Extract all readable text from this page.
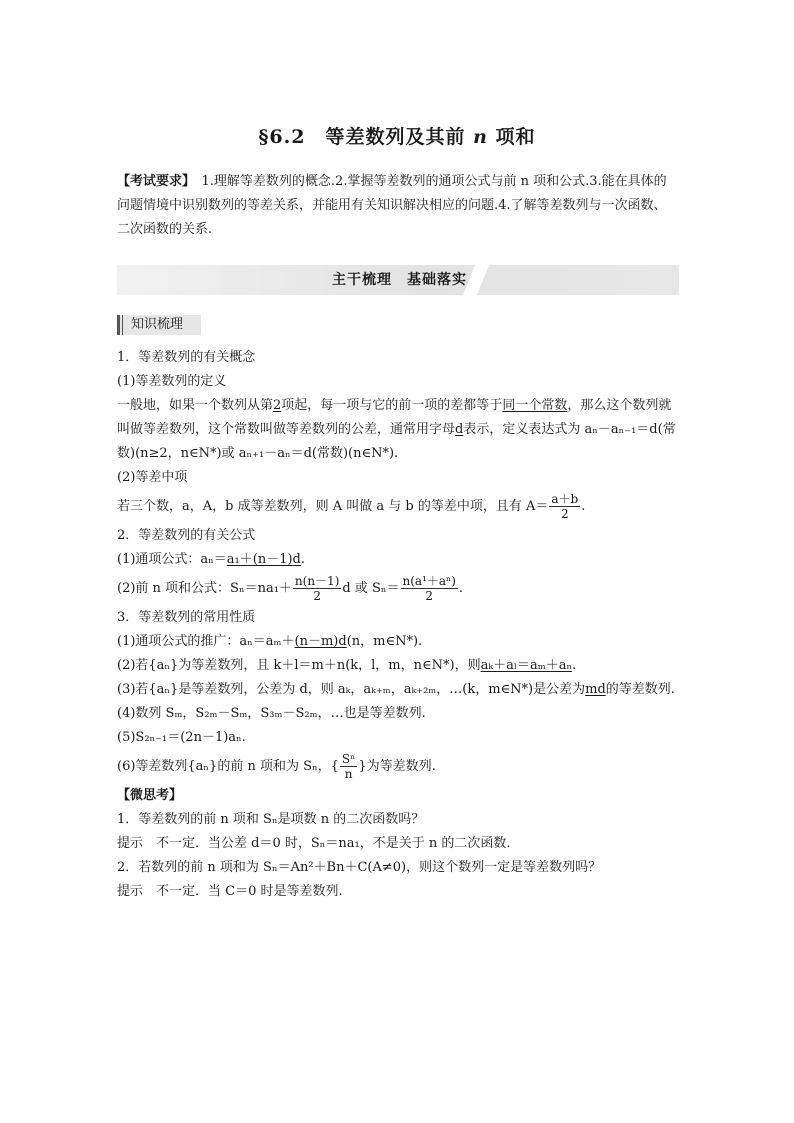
§6.2　等差数列及其前 n 项和
【考试要求】　1.理解等差数列的概念.2.掌握等差数列的通项公式与前 n 项和公式.3.能在具体的问题情境中识别数列的等差关系，并能用有关知识解决相应的问题.4.了解等差数列与一次函数、二次函数的关系.
主干梳理　基础落实
知识梳理

1．等差数列的有关概念

(1)等差数列的定义

一般地，如果一个数列从第2项起，每一项与它的前一项的差都等于同一个常数，那么这个数列就叫做等差数列，这个常数叫做等差数列的公差，通常用字母d表示，定义表达式为 aₙ－aₙ₋₁＝d(常数)(n≥2，n∈N*)或 aₙ₊₁－aₙ＝d(常数)(n∈N*).

(2)等差中项

若三个数，a，A，b 成等差数列，则 A 叫做 a 与 b 的等差中项，且有 $A= \frac{a+b}{2}$ .

2．等差数列的有关公式

(1)通项公式：aₙ＝a₁＋(n－1)d.

(2)前 n 项和公式：$S_n=na_1+ \frac{n(n-1)}{2}$ d 或 $S_n= \frac{\text{n(a¹＋aⁿ)}}{2}$ .

3．等差数列的常用性质

(1)通项公式的推广：aₙ＝aₘ＋(n－m)d(n，m∈N*).

(2)若{aₙ}为等差数列，且 k＋l＝m＋n(k，l，m，n∈N*)，则aₖ＋aₗ＝aₘ＋aₙ.

(3)若{aₙ}是等差数列，公差为 d，则 aₖ，aₖ₊ₘ，aₖ₊₂ₘ，…(k，m∈N*)是公差为md的等差数列.

(4)数列 Sₘ，S₂ₘ－Sₘ，S₃ₘ－S₂ₘ，…也是等差数列.

(5)S₂ₙ₋₁＝(2n－1)aₙ.

(6)等差数列{aₙ}的前 n 项和为 Sₙ，{ $\frac{\text{Sⁿ}}{n}$ }为等差数列.

【微思考】

1．等差数列的前 n 项和 Sₙ是项数 n 的二次函数吗？

提示　不一定．当公差 d＝0 时，Sₙ＝na₁，不是关于 n 的二次函数．

2．若数列的前 n 项和为 Sₙ＝An²＋Bn＋C(A≠0)，则这个数列一定是等差数列吗？

提示　不一定．当 C＝0 时是等差数列.
